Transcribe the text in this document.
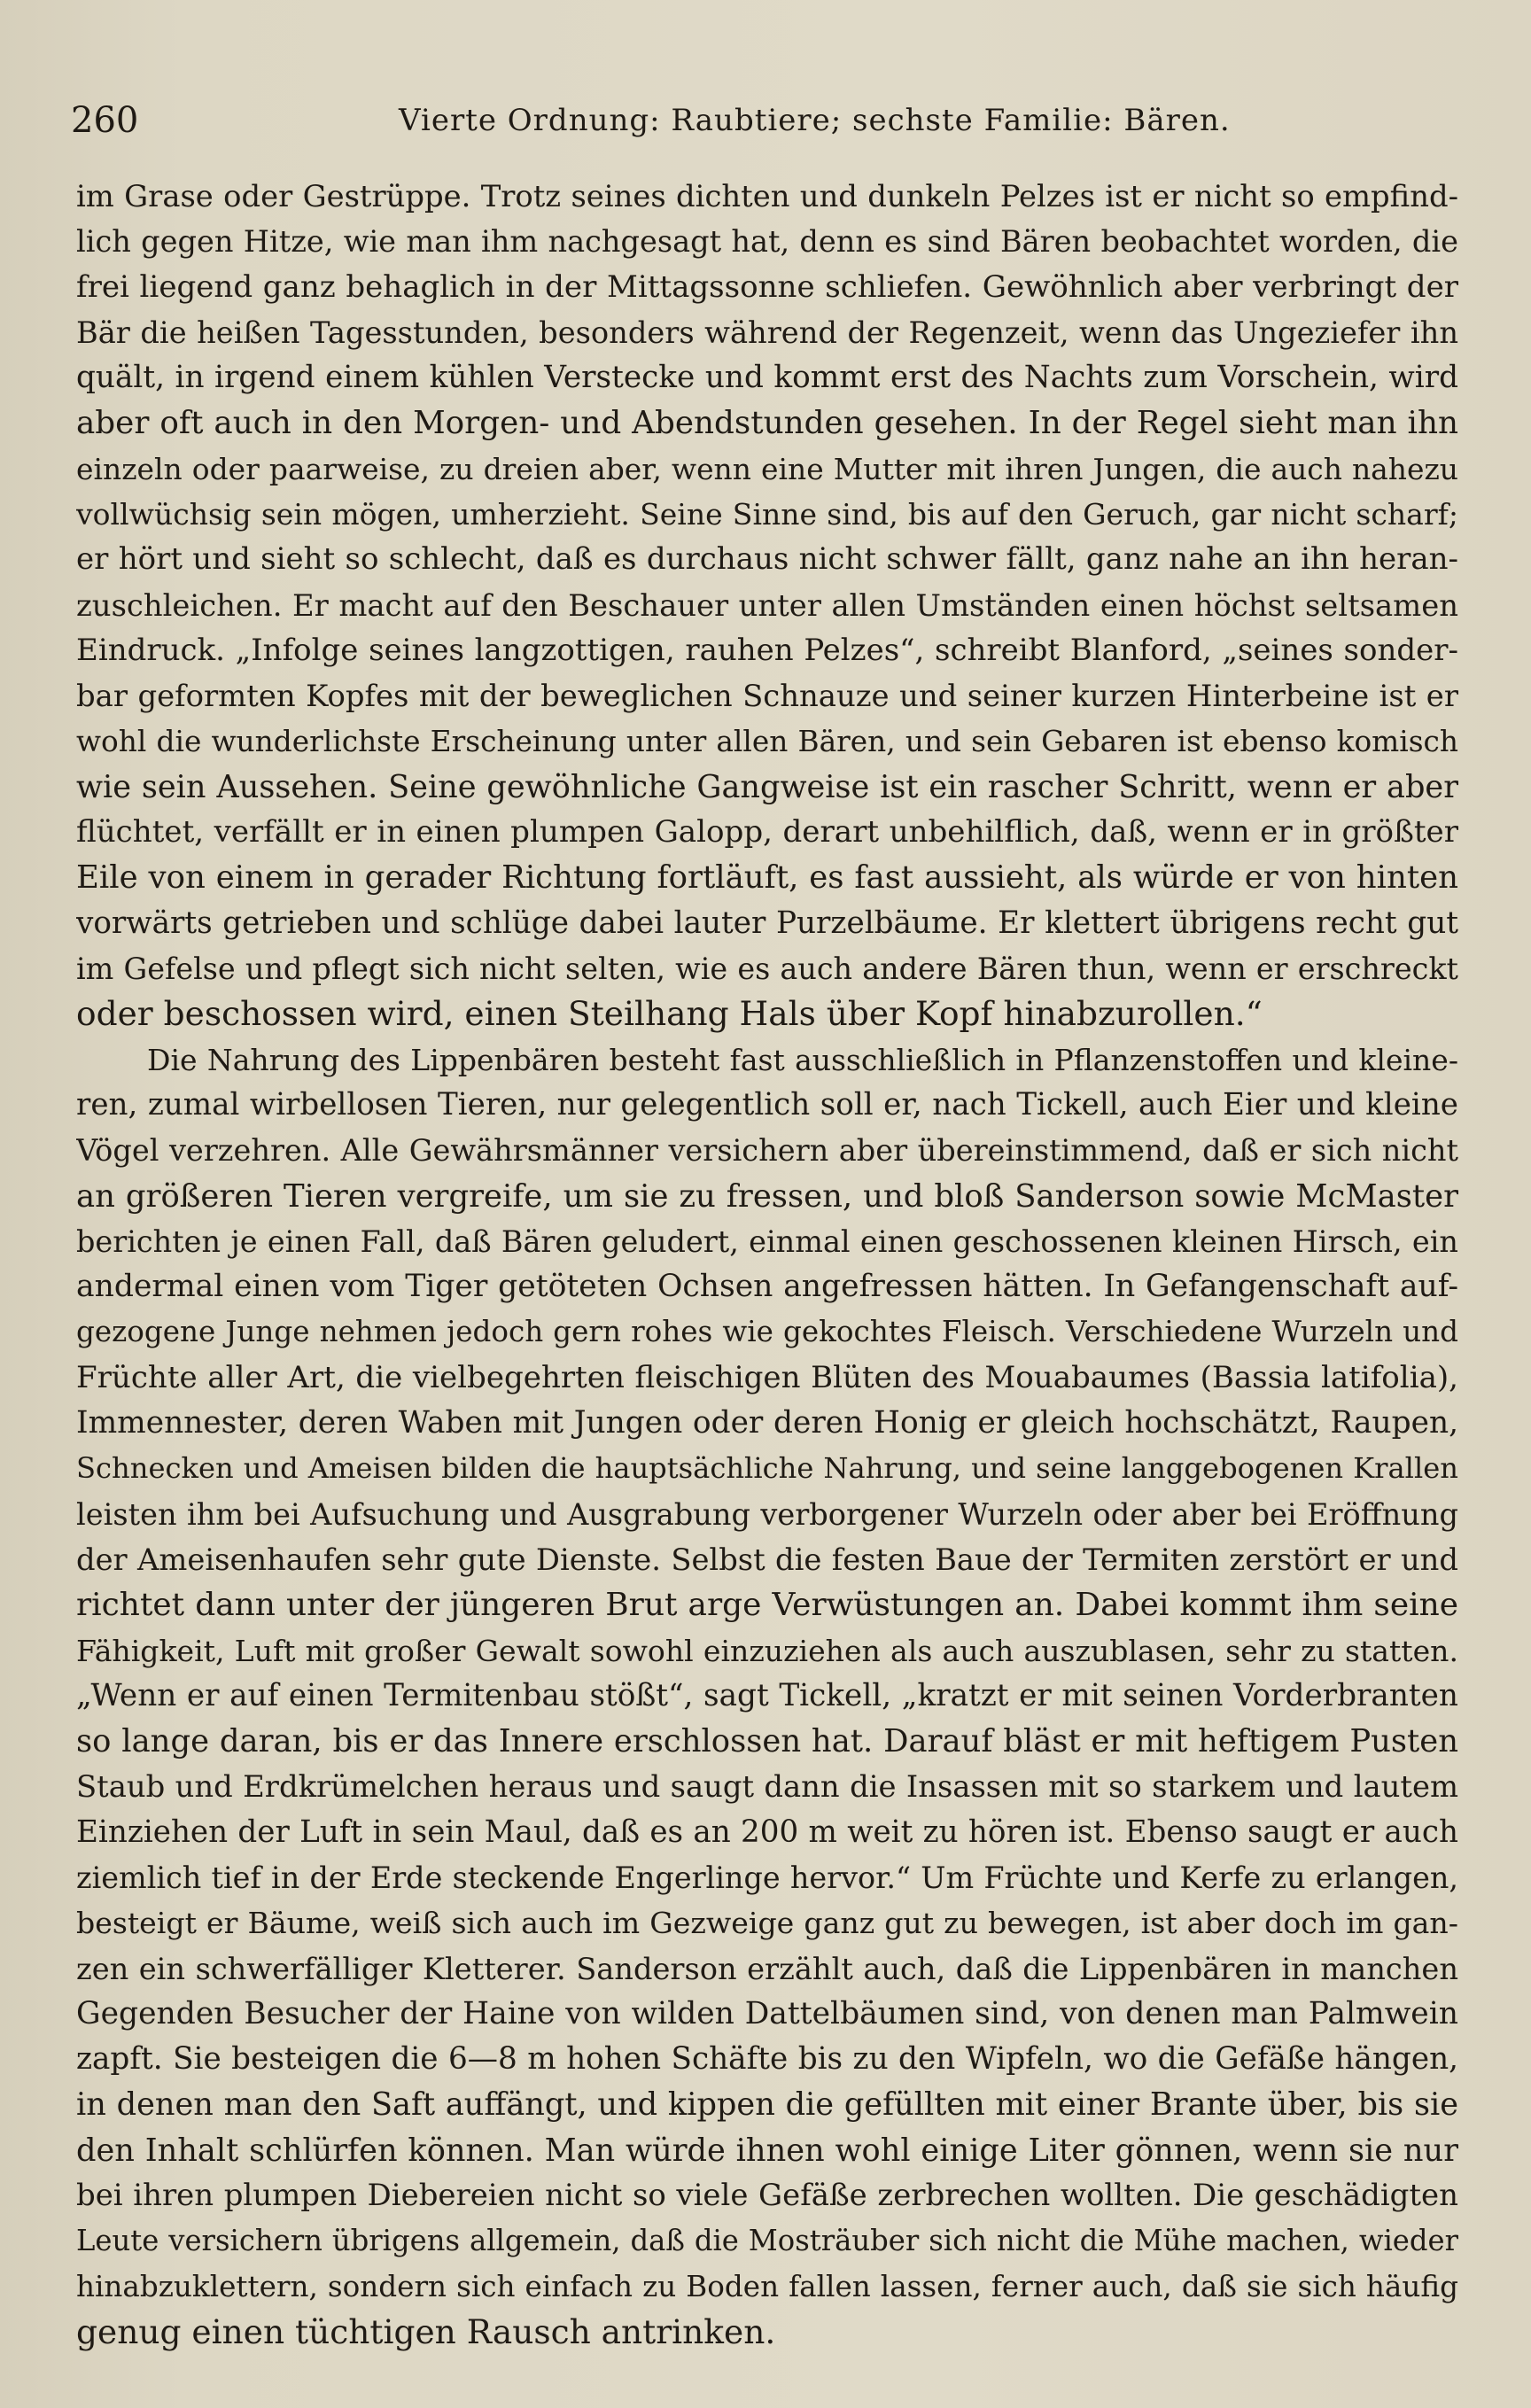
260	Vierte Ordnung: Raubtiere; sechste Familie: Bären.
im Grase oder Gestrüppe. Trotz seines dichten und dunkeln Pelzes ist er nicht so empfind-
lich gegen Hitze, wie man ihm nachgesagt hat, denn es sind Bären beobachtet worden, die
frei liegend ganz behaglich in der Mittagssonne schliefen. Gewöhnlich aber verbringt der
Bär die heißen Tagesstunden, besonders während der Regenzeit, wenn das Ungeziefer ihn
quält, in irgend einem kühlen Verstecke und kommt erst des Nachts zum Vorschein, wird
aber oft auch in den Morgen- und Abendstunden gesehen. In der Regel sieht man ihn
einzeln oder paarweise, zu dreien aber, wenn eine Mutter mit ihren Jungen, die auch nahezu
vollwüchsig sein mögen, umherzieht. Seine Sinne sind, bis auf den Geruch, gar nicht scharf;
er hört und sieht so schlecht, daß es durchaus nicht schwer fällt, ganz nahe an ihn heran-
zuschleichen. Er macht auf den Beschauer unter allen Umständen einen höchst seltsamen
Eindruck. „Infolge seines langzottigen, rauhen Pelzes“, schreibt Blanford, „seines sonder-
bar geformten Kopfes mit der beweglichen Schnauze und seiner kurzen Hinterbeine ist er
wohl die wunderlichste Erscheinung unter allen Bären, und sein Gebaren ist ebenso komisch
wie sein Aussehen. Seine gewöhnliche Gangweise ist ein rascher Schritt, wenn er aber
flüchtet, verfällt er in einen plumpen Galopp, derart unbehilflich, daß, wenn er in größter
Eile von einem in gerader Richtung fortläuft, es fast aussieht, als würde er von hinten
vorwärts getrieben und schlüge dabei lauter Purzelbäume. Er klettert übrigens recht gut
im Gefelse und pflegt sich nicht selten, wie es auch andere Bären thun, wenn er erschreckt
oder beschossen wird, einen Steilhang Hals über Kopf hinabzurollen.“
Die Nahrung des Lippenbären besteht fast ausschließlich in Pflanzenstoffen und kleine-
ren, zumal wirbellosen Tieren, nur gelegentlich soll er, nach Tickell, auch Eier und kleine
Vögel verzehren. Alle Gewährsmänner versichern aber übereinstimmend, daß er sich nicht
an größeren Tieren vergreife, um sie zu fressen, und bloß Sanderson sowie McMaster
berichten je einen Fall, daß Bären geludert, einmal einen geschossenen kleinen Hirsch, ein
andermal einen vom Tiger getöteten Ochsen angefressen hätten. In Gefangenschaft auf-
gezogene Junge nehmen jedoch gern rohes wie gekochtes Fleisch. Verschiedene Wurzeln und
Früchte aller Art, die vielbegehrten fleischigen Blüten des Mouabaumes (Bassia latifolia),
Immennester, deren Waben mit Jungen oder deren Honig er gleich hochschätzt, Raupen,
Schnecken und Ameisen bilden die hauptsächliche Nahrung, und seine langgebogenen Krallen
leisten ihm bei Aufsuchung und Ausgrabung verborgener Wurzeln oder aber bei Eröffnung
der Ameisenhaufen sehr gute Dienste. Selbst die festen Baue der Termiten zerstört er und
richtet dann unter der jüngeren Brut arge Verwüstungen an. Dabei kommt ihm seine
Fähigkeit, Luft mit großer Gewalt sowohl einzuziehen als auch auszublasen, sehr zu statten.
„Wenn er auf einen Termitenbau stößt“, sagt Tickell, „kratzt er mit seinen Vorderbranten
so lange daran, bis er das Innere erschlossen hat. Darauf bläst er mit heftigem Pusten
Staub und Erdkrümelchen heraus und saugt dann die Insassen mit so starkem und lautem
Einziehen der Luft in sein Maul, daß es an 200 m weit zu hören ist. Ebenso saugt er auch
ziemlich tief in der Erde steckende Engerlinge hervor.“ Um Früchte und Kerfe zu erlangen,
besteigt er Bäume, weiß sich auch im Gezweige ganz gut zu bewegen, ist aber doch im gan-
zen ein schwerfälliger Kletterer. Sanderson erzählt auch, daß die Lippenbären in manchen
Gegenden Besucher der Haine von wilden Dattelbäumen sind, von denen man Palmwein
zapft. Sie besteigen die 6—8 m hohen Schäfte bis zu den Wipfeln, wo die Gefäße hängen,
in denen man den Saft auffängt, und kippen die gefüllten mit einer Brante über, bis sie
den Inhalt schlürfen können. Man würde ihnen wohl einige Liter gönnen, wenn sie nur
bei ihren plumpen Diebereien nicht so viele Gefäße zerbrechen wollten. Die geschädigten
Leute versichern übrigens allgemein, daß die Mosträuber sich nicht die Mühe machen, wieder
hinabzuklettern, sondern sich einfach zu Boden fallen lassen, ferner auch, daß sie sich häufig
genug einen tüchtigen Rausch antrinken.
